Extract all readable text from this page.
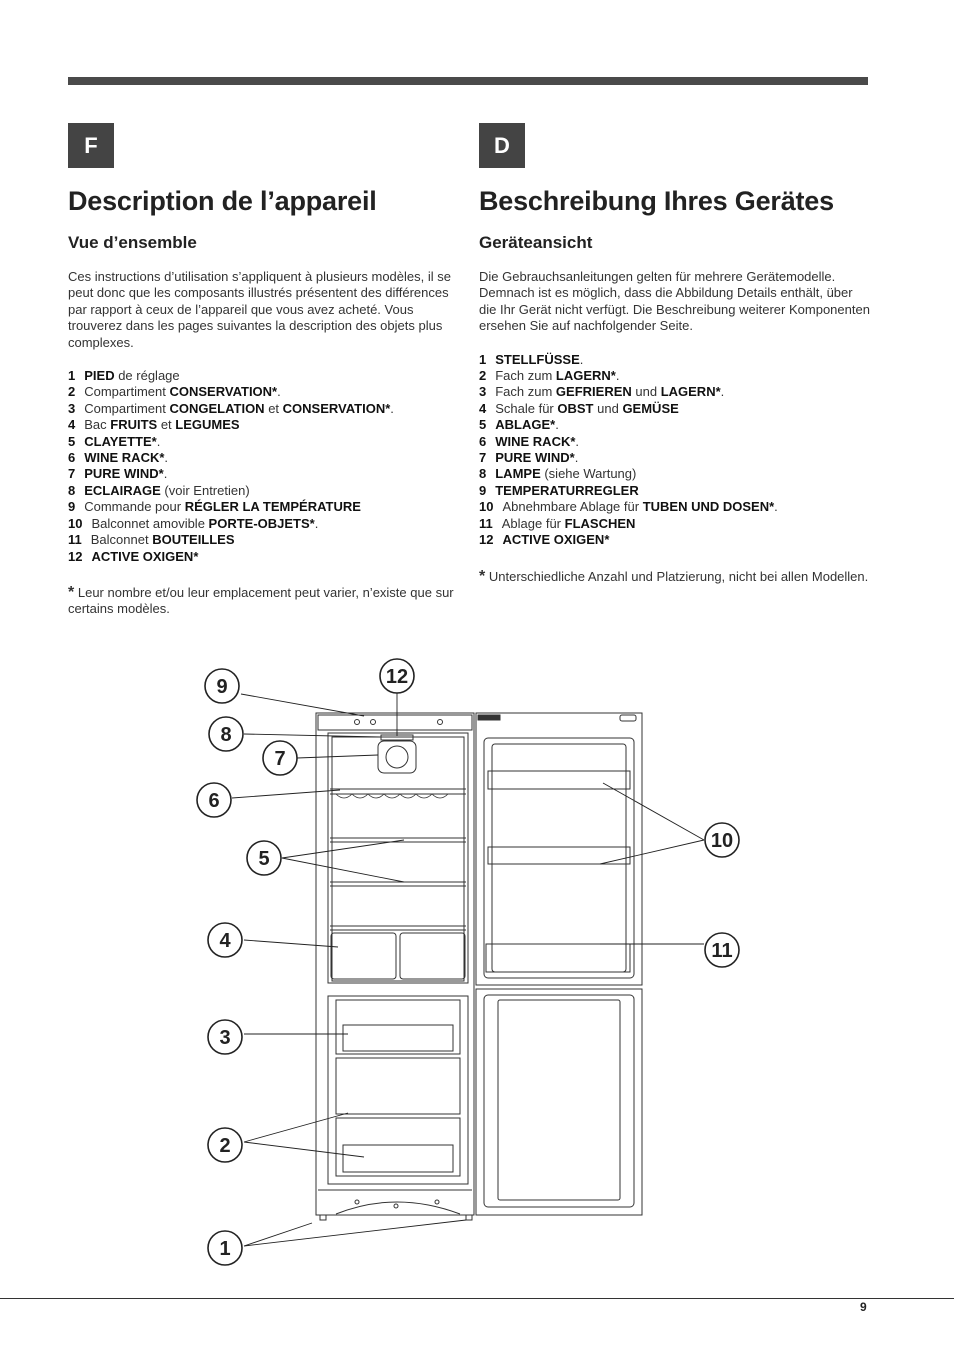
F	D
Description de l’appareil
Vue d’ensemble

Ces instructions d’utilisation s’appliquent à plusieurs modèles, il se peut donc que les composants illustrés présentent des différences par rapport à ceux de l’appareil que vous avez acheté. Vous trouverez dans les pages suivantes la description des objets plus complexes.

1 PIED de réglage
2 Compartiment CONSERVATION*.
3 Compartiment CONGELATION et CONSERVATION*.
4 Bac FRUITS et LEGUMES
5 CLAYETTE*.
6 WINE RACK*.
7 PURE WIND*.
8 ECLAIRAGE (voir Entretien)
9 Commande pour RÉGLER LA TEMPÉRATURE
10 Balconnet amovible PORTE-OBJETS*.
11 Balconnet BOUTEILLES
12 ACTIVE OXIGEN*

* Leur nombre et/ou leur emplacement peut varier, n’existe que sur certains modèles.

Beschreibung Ihres Gerätes
Geräteansicht

Die Gebrauchsanleitungen gelten für mehrere Gerätemodelle. Demnach ist es möglich, dass die Abbildung Details enthält, über die Ihr Gerät nicht verfügt. Die Beschreibung weiterer Komponenten ersehen Sie auf nachfolgender Seite.

1 STELLFÜSSE.
2 Fach zum LAGERN*.
3 Fach zum GEFRIEREN und LAGERN*.
4 Schale für OBST und GEMÜSE
5 ABLAGE*.
6 WINE RACK*.
7 PURE WIND*.
8 LAMPE (siehe Wartung)
9 TEMPERATURREGLER
10 Abnehmbare Ablage für TUBEN UND DOSEN*.
11 Ablage für FLASCHEN
12 ACTIVE OXIGEN*

* Unterschiedliche Anzahl und Platzierung, nicht bei allen Modellen.

1
2
3
4
5
6
7
8
9
10
11
12
9
